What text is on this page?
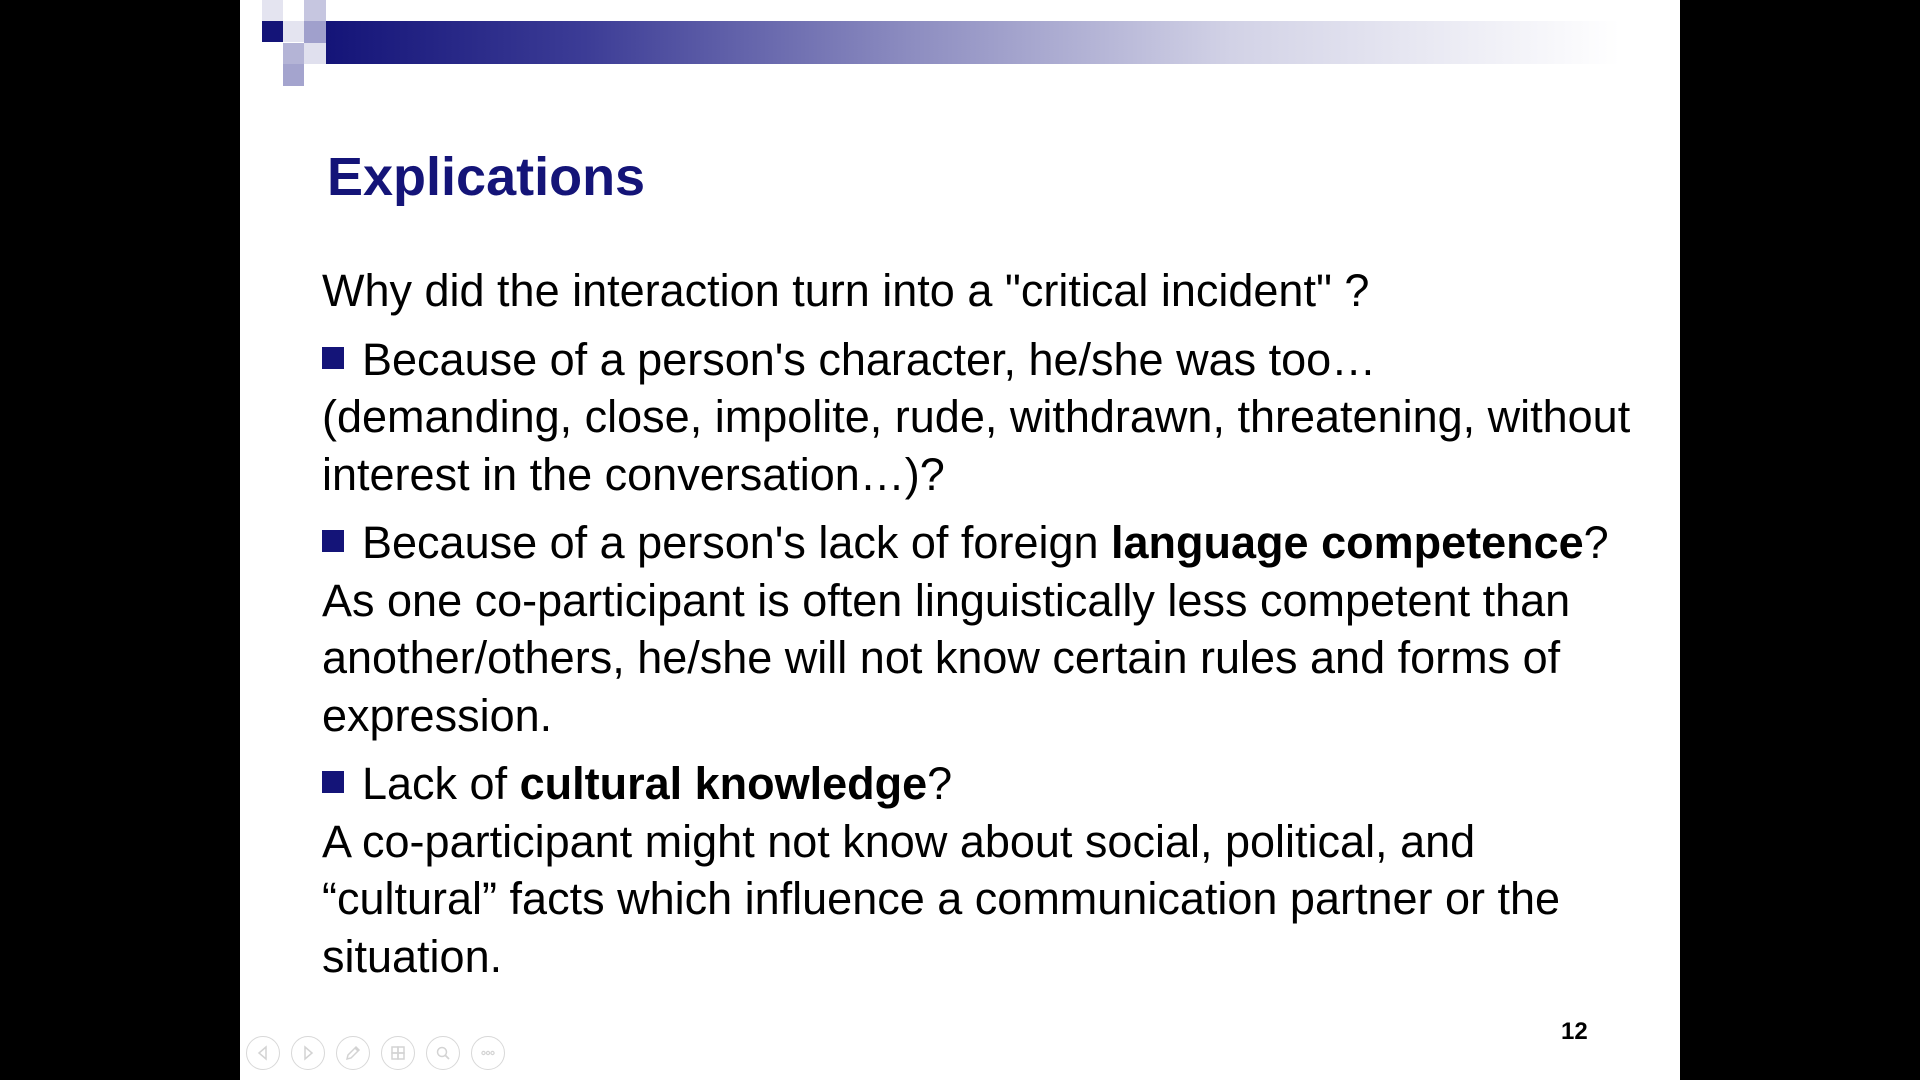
Explications

Why did the interaction turn into a "critical incident" ?

Because of a person's character, he/she was too… (demanding, close, impolite, rude, withdrawn, threatening, without interest in the conversation…)?

Because of a person's lack of foreign language competence? As one co-participant is often linguistically less competent than another/others, he/she will not know certain rules and forms of expression.

Lack of cultural knowledge?
A co-participant might not know about social, political, and “cultural” facts which influence a communication partner or the situation.

12
